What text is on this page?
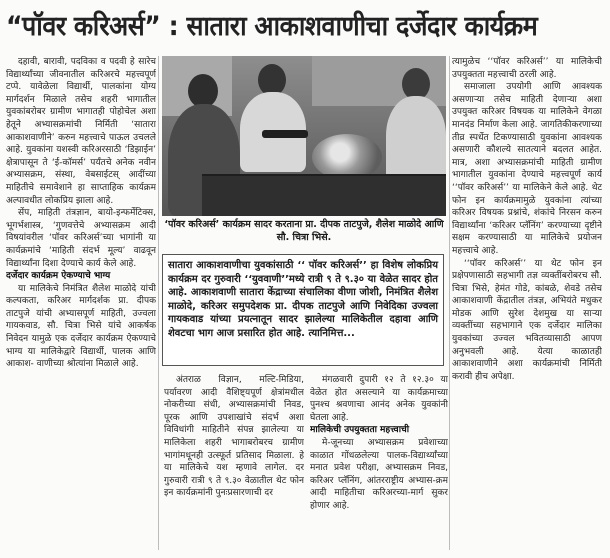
“पॉवर करिअर्स” : सातारा आकाशवाणीचा दर्जेदार कार्यक्रम

दहावी, बारावी, पदविका व पदवी हे सारेच विद्यार्थ्यांच्या जीवनातील करिअरचे महत्त्वपूर्ण टप्पे. यावेळेला विद्यार्थी, पालकांना योग्य मार्गदर्शन मिळाले तसेच शहरी भागातील युवकांबरोबर ग्रामीण भागातही पोहोचेल अशा हेतूने अभ्यासक्रमांची निर्मिती ‘सातारा आकाशवाणीने’ करुन महत्त्वाचे पाऊल उचलले आहे. युवकांना यशस्वी करिअरसाठी ‘डिझाईन’ क्षेत्रापासून ते ‘ई-कॉमर्स’ पर्यंतचे अनेक नवीन अभ्यासक्रम, संस्था, वेबसाईटस् आदींच्या माहितीचे समावेशाने हा साप्ताहिक कार्यक्रम अल्पावधीत लोकप्रिय झाला आहे.

सेंप, माहिती तंत्रज्ञान, बायो-इन्फर्मेटिक्स, भूगर्भशास्त्र, ‘गुणवत्तेचे अभ्यासक्रम आदी विषयांवरील ‘पॉवर करिअर्स’च्या भागांनी या कार्यक्रमांचे ‘माहिती संदर्भ मूल्य’ वाढवून विद्यार्थ्यांना दिशा देण्याचे कार्य केले आहे.

दर्जेदार कार्यक्रम ऐकण्याचे भाग्य

या मालिकेचे निमंत्रित शैलेश माळोदे यांची कल्पकता, करिअर मार्गदर्शक प्रा. दीपक ताटपुजे यांची अभ्यासपूर्ण माहिती, उज्वला गायकवाड, सौ. चित्रा भिसे यांचे आकर्षक निवेदन यामुळे एक दर्जेदार कार्यक्रम ऐकण्याचे भाग्य या मालिकेद्वारे विद्यार्थी, पालक आणि आकाश- वाणीच्या श्रोत्यांना मिळाले आहे.

‘पॉवर करिअर्स’ कार्यक्रम सादर करताना प्रा. दीपक ताटपुजे, शैलेश माळोदे आणि सौ. चित्रा भिसे.
सातारा आकाशवाणीचा युवकांसाठी ‘‘ पॉवर करिअर्स’’ हा विशेष लोकप्रिय कार्यक्रम दर गुरुवारी ‘‘युववाणी’’मध्ये रात्री ९ ते ९.३० या वेळेत सादर होत आहे. आकाशवाणी सातारा केंद्राच्या संचालिका वीणा जोशी, निमंत्रित शैलेश माळोदे, करिअर समुपदेशक प्रा. दीपक ताटपुजे आणि निवेदिका उज्वला गायकवाड यांच्या प्रयत्नातून सादर झालेल्या मालिकेतील दहावा आणि शेवटचा भाग आज प्रसारित होत आहे. त्यानिमित्त...

अंतराळ विज्ञान, मल्टि-मिडिया, पर्यावरण आदी वैशिष्ट्यपूर्ण क्षेत्रांमधील नोकरीच्या संधी, अभ्यासक्रमांची निवड, पूरक आणि उपशाखांचे संदर्भ अशा विविधांगी माहितीने संपन्न झालेल्या या मालिकेला शहरी भागाबरोबरच ग्रामीण भागांमधूनही उत्स्फूर्त प्रतिसाद मिळाला. हे या मालिकेचे यश म्हणावे लागेल. दर गुरुवारी रात्री ९ ते ९.३० वेळातील थेट फोन इन कार्यक्रमांनी पुनःप्रसारणाची दर

मंगळवारी दुपारी १२ ते १२.३० या वेळेत होत असल्याने या कार्यक्रमाच्या पुनश्च श्रवणाचा आनंद अनेक युवकांनी घेतला आहे.

मालिकेची उपयुक्तता महत्त्वाची

मे-जूनच्या अभ्यासक्रम प्रवेशाच्या काळात गोंधळलेल्या पालक-विद्यार्थ्यांच्या मनात प्रवेश परीक्षा, अभ्यासक्रम निवड, करिअर प्लॅनिंग, आंतरराष्ट्रीय अभ्यास-क्रम आदी माहितीचा करिअरच्या-मार्ग सुकर होणार आहे.

त्यामुळेच ‘‘पॉवर करिअर्स’’ या मालिकेची उपयुक्तता महत्त्वाची ठरली आहे.

समाजाला उपयोगी आणि आवश्यक असणाऱ्या तसेच माहिती देणाऱ्या अशा उपयुक्त करिअर विषयक या मालिकेने वेगळा मानदंड निर्माण केला आहे. जागतिकीकरणाच्या तीव्र स्पर्धेत टिकण्यासाठी युवकांना आवश्यक असणारी कौशल्ये सातत्याने बदलत आहेत. मात्र, अशा अभ्यासक्रमांची माहिती ग्रामीण भागातील युवकांना देण्याचे महत्त्वपूर्ण कार्य ‘‘पॉवर करिअर्स’’ या मालिकेने केले आहे. थेट फोन इन कार्यक्रमामुळे युवकांना त्यांच्या करिअर विषयक प्रश्नांचे, शंकांचे निरसन करुन विद्यार्थ्यांना ‘करिअर प्लॅनिंग’ करण्याच्या दृष्टीने सक्षम करण्यासाठी या मालिकेचे प्रयोजन महत्त्वाचे आहे.

‘‘पॉवर करिअर्स’’ या थेट फोन इन प्रक्षेपणासाठी सहभागी तज्ञ व्यक्तींबरोबरच सौ. चित्रा भिसे, हेमंत गोडे, कांबळे, शेवडे तसेच आकाशवाणी केंद्रातील तंत्रज्ञ, अभियंते मधुकर मोडक आणि सुरेश देशमुख या साऱ्या व्यक्तींच्या सहभागाने एक दर्जेदार मालिका युवकांच्या उज्वल भवितव्यासाठी आपण अनुभवली आहे. येत्या काळातही आकाशवाणीने अशा कार्यक्रमांची निर्मिती करावी हीच अपेक्षा.
